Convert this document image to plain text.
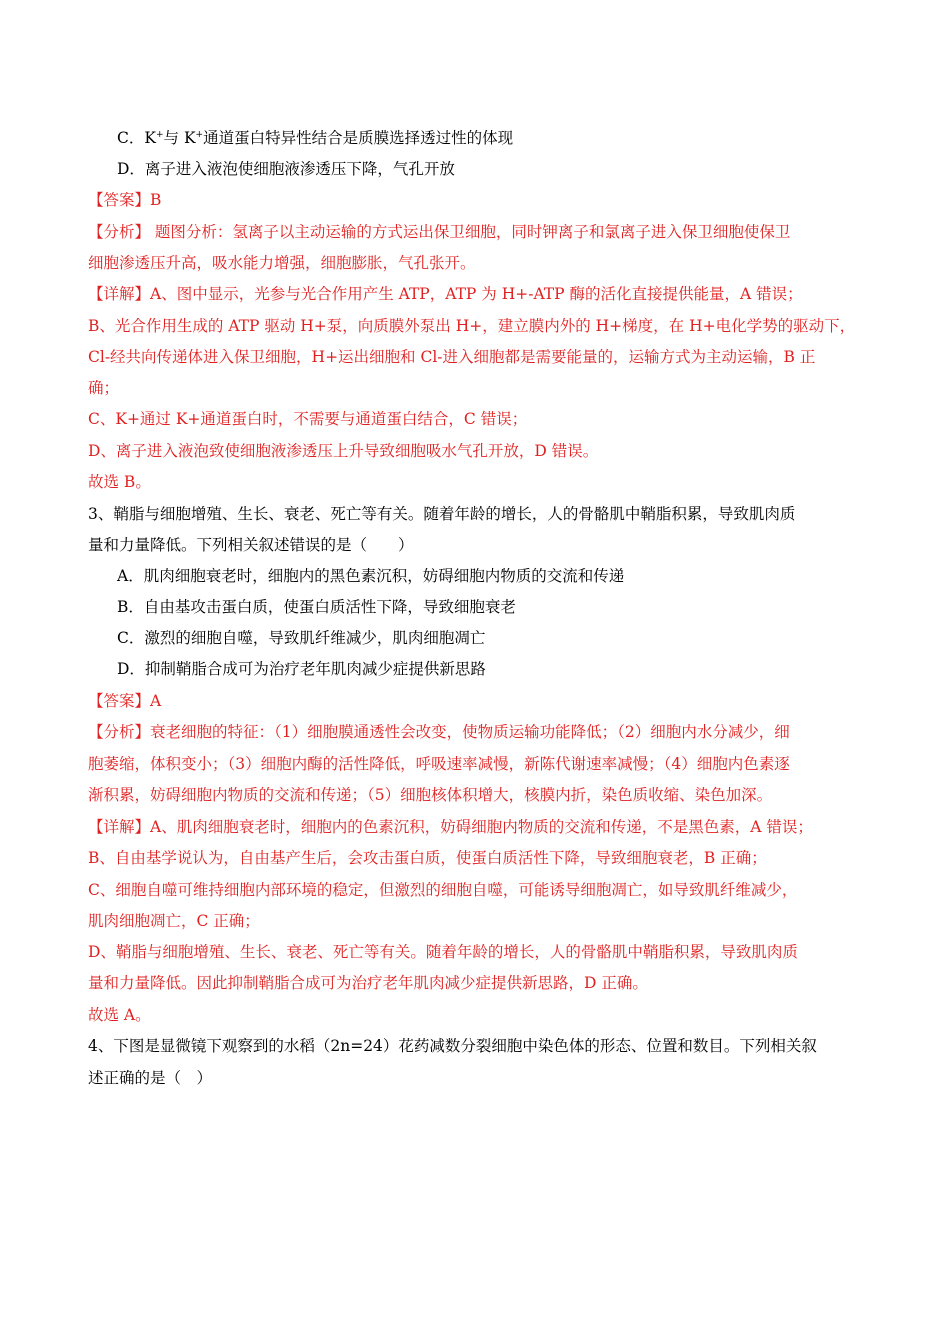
C．K+与 K+通道蛋白特异性结合是质膜选择透过性的体现
D．离子进入液泡使细胞液渗透压下降，气孔开放
【答案】B
【分析】 题图分析：氢离子以主动运输的方式运出保卫细胞，同时钾离子和氯离子进入保卫细胞使保卫
细胞渗透压升高，吸水能力增强，细胞膨胀，气孔张开。
【详解】A、图中显示，光参与光合作用产生 ATP，ATP 为 H+-ATP 酶的活化直接提供能量，A 错误；
B、光合作用生成的 ATP 驱动 H+泵，向质膜外泵出 H+，建立膜内外的 H+梯度，在 H+电化学势的驱动下，
Cl-经共向传递体进入保卫细胞，H+运出细胞和 Cl-进入细胞都是需要能量的，运输方式为主动运输，B 正
确；
C、K+通过 K+通道蛋白时，不需要与通道蛋白结合，C 错误；
D、离子进入液泡致使细胞液渗透压上升导致细胞吸水气孔开放，D 错误。
故选 B。
3、鞘脂与细胞增殖、生长、衰老、死亡等有关。随着年龄的增长，人的骨骼肌中鞘脂积累，导致肌肉质
量和力量降低。下列相关叙述错误的是（　　）
A．肌肉细胞衰老时，细胞内的黑色素沉积，妨碍细胞内物质的交流和传递
B．自由基攻击蛋白质，使蛋白质活性下降，导致细胞衰老
C．激烈的细胞自噬，导致肌纤维减少，肌肉细胞凋亡
D．抑制鞘脂合成可为治疗老年肌肉减少症提供新思路
【答案】A
【分析】衰老细胞的特征：（1）细胞膜通透性会改变，使物质运输功能降低；（2）细胞内水分减少，细
胞萎缩，体积变小；（3）细胞内酶的活性降低，呼吸速率减慢，新陈代谢速率减慢；（4）细胞内色素逐
渐积累，妨碍细胞内物质的交流和传递；（5）细胞核体积增大，核膜内折，染色质收缩、染色加深。
【详解】A、肌肉细胞衰老时，细胞内的色素沉积，妨碍细胞内物质的交流和传递，不是黑色素，A 错误；
B、自由基学说认为，自由基产生后，会攻击蛋白质，使蛋白质活性下降，导致细胞衰老，B 正确；
C、细胞自噬可维持细胞内部环境的稳定，但激烈的细胞自噬，可能诱导细胞凋亡，如导致肌纤维减少，
肌肉细胞凋亡，C 正确；
D、鞘脂与细胞增殖、生长、衰老、死亡等有关。随着年龄的增长，人的骨骼肌中鞘脂积累，导致肌肉质
量和力量降低。因此抑制鞘脂合成可为治疗老年肌肉减少症提供新思路，D 正确。
故选 A。
4、下图是显微镜下观察到的水稻（2n=24）花药减数分裂细胞中染色体的形态、位置和数目。下列相关叙
述正确的是（　）
